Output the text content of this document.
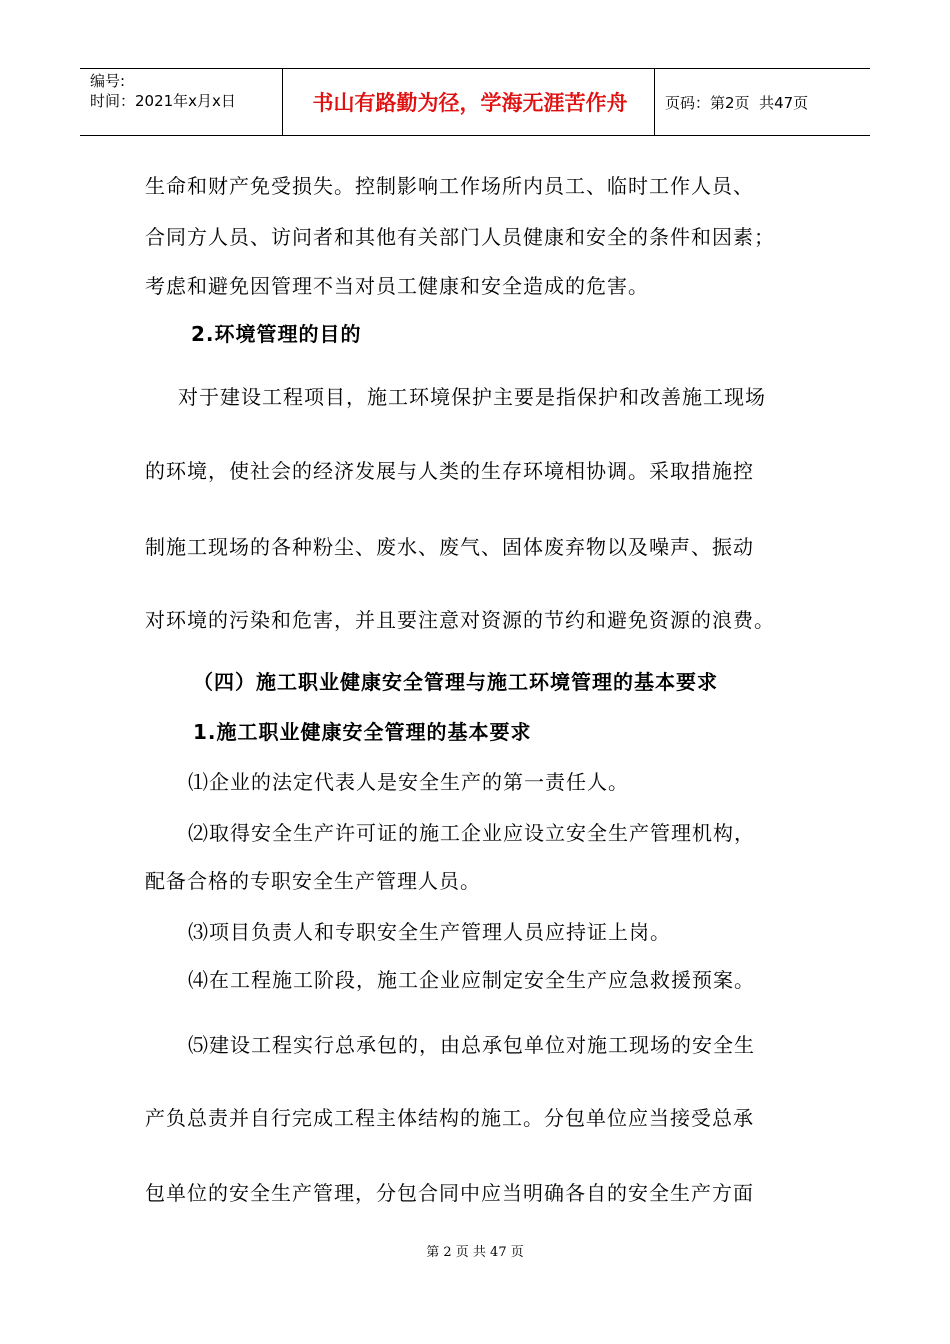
编号:
时间：2021年x月x日	书山有路勤为径，学海无涯苦作舟	页码：第2页  共47页
生命和财产免受损失。控制影响工作场所内员工、临时工作人员、
合同方人员、访问者和其他有关部门人员健康和安全的条件和因素；
考虑和避免因管理不当对员工健康和安全造成的危害。
2.环境管理的目的
对于建设工程项目，施工环境保护主要是指保护和改善施工现场
的环境，使社会的经济发展与人类的生存环境相协调。采取措施控
制施工现场的各种粉尘、废水、废气、固体废弃物以及噪声、振动
对环境的污染和危害，并且要注意对资源的节约和避免资源的浪费。
（四）施工职业健康安全管理与施工环境管理的基本要求
1.施工职业健康安全管理的基本要求
⑴企业的法定代表人是安全生产的第一责任人。
⑵取得安全生产许可证的施工企业应设立安全生产管理机构，
配备合格的专职安全生产管理人员。
⑶项目负责人和专职安全生产管理人员应持证上岗。
⑷在工程施工阶段，施工企业应制定安全生产应急救援预案。
⑸建设工程实行总承包的，由总承包单位对施工现场的安全生
产负总责并自行完成工程主体结构的施工。分包单位应当接受总承
包单位的安全生产管理，分包合同中应当明确各自的安全生产方面
第 2 页 共 47 页
